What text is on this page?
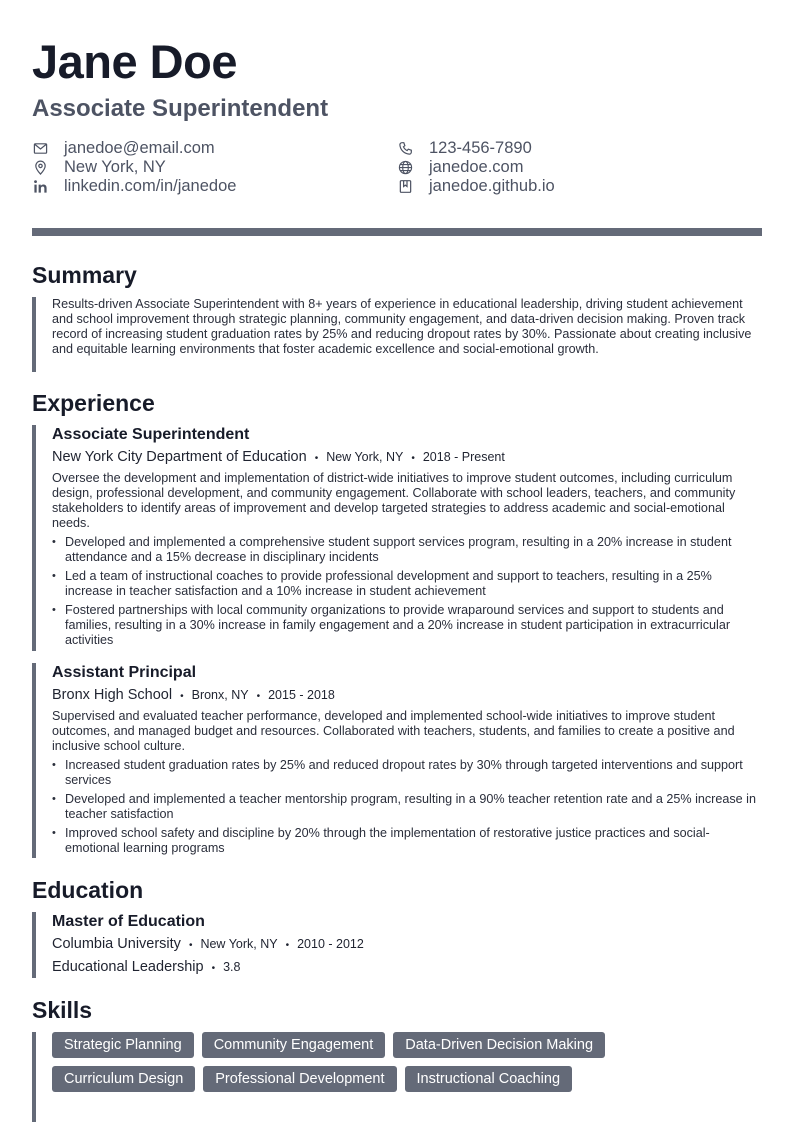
Jane Doe
Associate Superintendent
janedoe@email.com
New York, NY
linkedin.com/in/janedoe
123-456-7890
janedoe.com
janedoe.github.io
Summary

Results-driven Associate Superintendent with 8+ years of experience in educational leadership, driving student achievement and school improvement through strategic planning, community engagement, and data-driven decision making. Proven track record of increasing student graduation rates by 25% and reducing dropout rates by 30%. Passionate about creating inclusive and equitable learning environments that foster academic excellence and social-emotional growth.

Experience
Associate Superintendent
New York City Department of Education • New York, NY • 2018 - Present

Oversee the development and implementation of district-wide initiatives to improve student outcomes, including curriculum design, professional development, and community engagement. Collaborate with school leaders, teachers, and community stakeholders to identify areas of improvement and develop targeted strategies to address academic and social-emotional needs.

• Developed and implemented a comprehensive student support services program, resulting in a 20% increase in student attendance and a 15% decrease in disciplinary incidents
• Led a team of instructional coaches to provide professional development and support to teachers, resulting in a 25% increase in teacher satisfaction and a 10% increase in student achievement
• Fostered partnerships with local community organizations to provide wraparound services and support to students and families, resulting in a 30% increase in family engagement and a 20% increase in student participation in extracurricular activities
Assistant Principal
Bronx High School • Bronx, NY • 2015 - 2018

Supervised and evaluated teacher performance, developed and implemented school-wide initiatives to improve student outcomes, and managed budget and resources. Collaborated with teachers, students, and families to create a positive and inclusive school culture.

• Increased student graduation rates by 25% and reduced dropout rates by 30% through targeted interventions and support services
• Developed and implemented a teacher mentorship program, resulting in a 90% teacher retention rate and a 25% increase in teacher satisfaction
• Improved school safety and discipline by 20% through the implementation of restorative justice practices and social-emotional learning programs
Education
Master of Education
Columbia University • New York, NY • 2010 - 2012
Educational Leadership • 3.8
Skills
Strategic Planning	Community Engagement	Data-Driven Decision Making
Curriculum Design	Professional Development	Instructional Coaching
